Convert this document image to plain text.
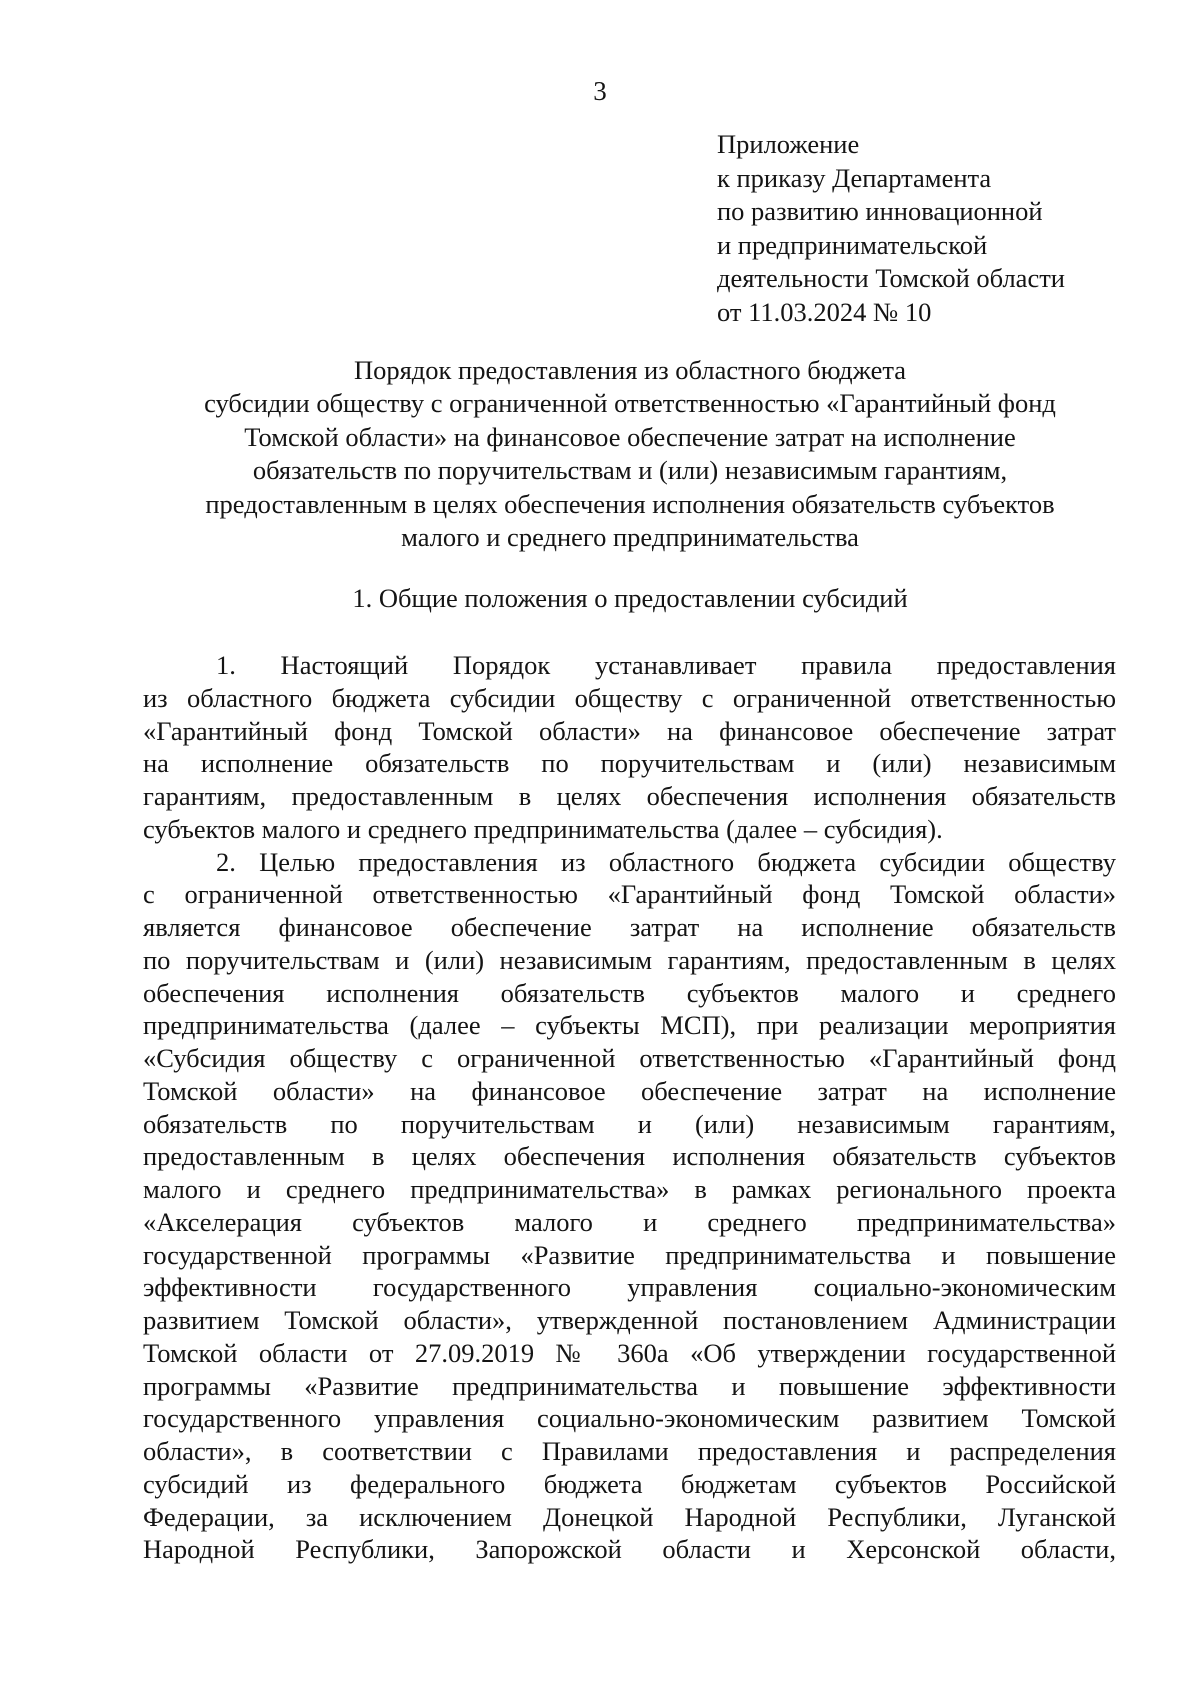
3
Приложение
к приказу Департамента
по развитию инновационной
и предпринимательской
деятельности Томской области
от 11.03.2024 № 10
Порядок предоставления из областного бюджета
субсидии обществу с ограниченной ответственностью «Гарантийный фонд
Томской области» на финансовое обеспечение затрат на исполнение
обязательств по поручительствам и (или) независимым гарантиям,
предоставленным в целях обеспечения исполнения обязательств субъектов
малого и среднего предпринимательства
1. Общие положения о предоставлении субсидий
1. Настоящий Порядок устанавливает правила предоставления
из областного бюджета субсидии обществу с ограниченной ответственностью
«Гарантийный фонд Томской области» на финансовое обеспечение затрат
на исполнение обязательств по поручительствам и (или) независимым
гарантиям, предоставленным в целях обеспечения исполнения обязательств
субъектов малого и среднего предпринимательства (далее – субсидия).
2. Целью предоставления из областного бюджета субсидии обществу
с ограниченной ответственностью «Гарантийный фонд Томской области»
является финансовое обеспечение затрат на исполнение обязательств
по поручительствам и (или) независимым гарантиям, предоставленным в целях
обеспечения исполнения обязательств субъектов малого и среднего
предпринимательства (далее – субъекты МСП), при реализации мероприятия
«Субсидия обществу с ограниченной ответственностью «Гарантийный фонд
Томской области» на финансовое обеспечение затрат на исполнение
обязательств по поручительствам и (или) независимым гарантиям,
предоставленным в целях обеспечения исполнения обязательств субъектов
малого и среднего предпринимательства» в рамках регионального проекта
«Акселерация субъектов малого и среднего предпринимательства»
государственной программы «Развитие предпринимательства и повышение
эффективности государственного управления социально-экономическим
развитием Томской области», утвержденной постановлением Администрации
Томской области от 27.09.2019 № 360а «Об утверждении государственной
программы «Развитие предпринимательства и повышение эффективности
государственного управления социально-экономическим развитием Томской
области», в соответствии с Правилами предоставления и распределения
субсидий из федерального бюджета бюджетам субъектов Российской
Федерации, за исключением Донецкой Народной Республики, Луганской
Народной Республики, Запорожской области и Херсонской области,
